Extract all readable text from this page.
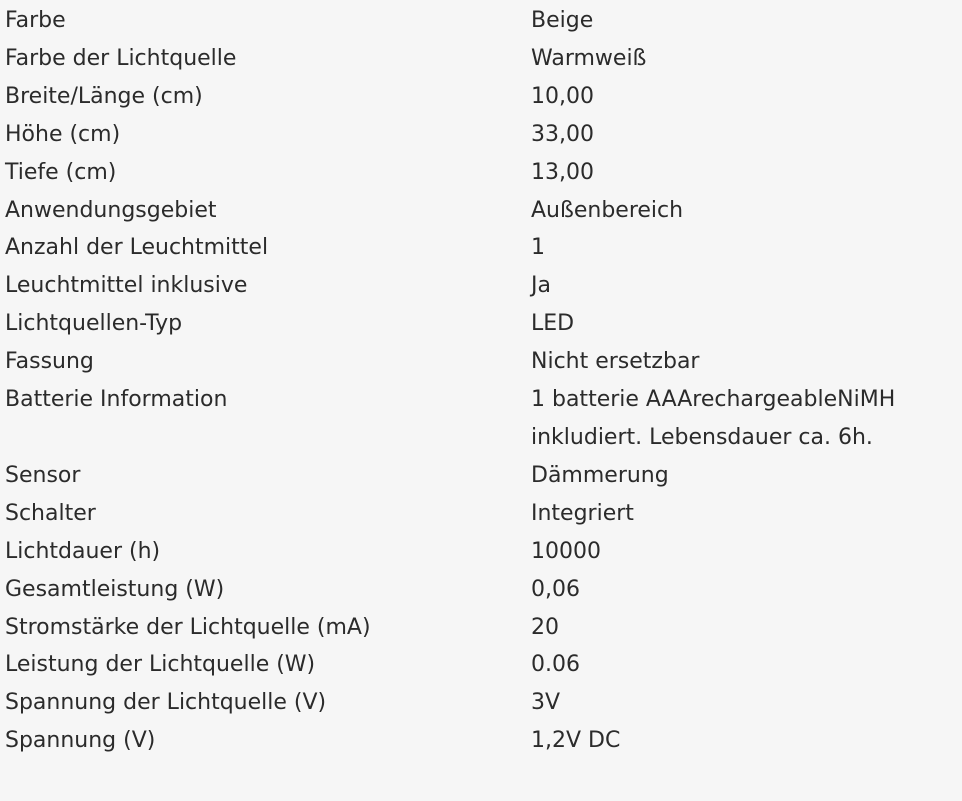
Farbe	Beige
Farbe der Lichtquelle	Warmweiß
Breite/Länge (cm)	10,00
Höhe (cm)	33,00
Tiefe (cm)	13,00
Anwendungsgebiet	Außenbereich
Anzahl der Leuchtmittel	1
Leuchtmittel inklusive	Ja
Lichtquellen-Typ	LED
Fassung	Nicht ersetzbar
Batterie Information	1 batterie AAArechargeableNiMH
inkludiert. Lebensdauer ca. 6h.
Sensor	Dämmerung
Schalter	Integriert
Lichtdauer (h)	10000
Gesamtleistung (W)	0,06
Stromstärke der Lichtquelle (mA)	20
Leistung der Lichtquelle (W)	0.06
Spannung der Lichtquelle (V)	3V
Spannung (V)	1,2V DC
